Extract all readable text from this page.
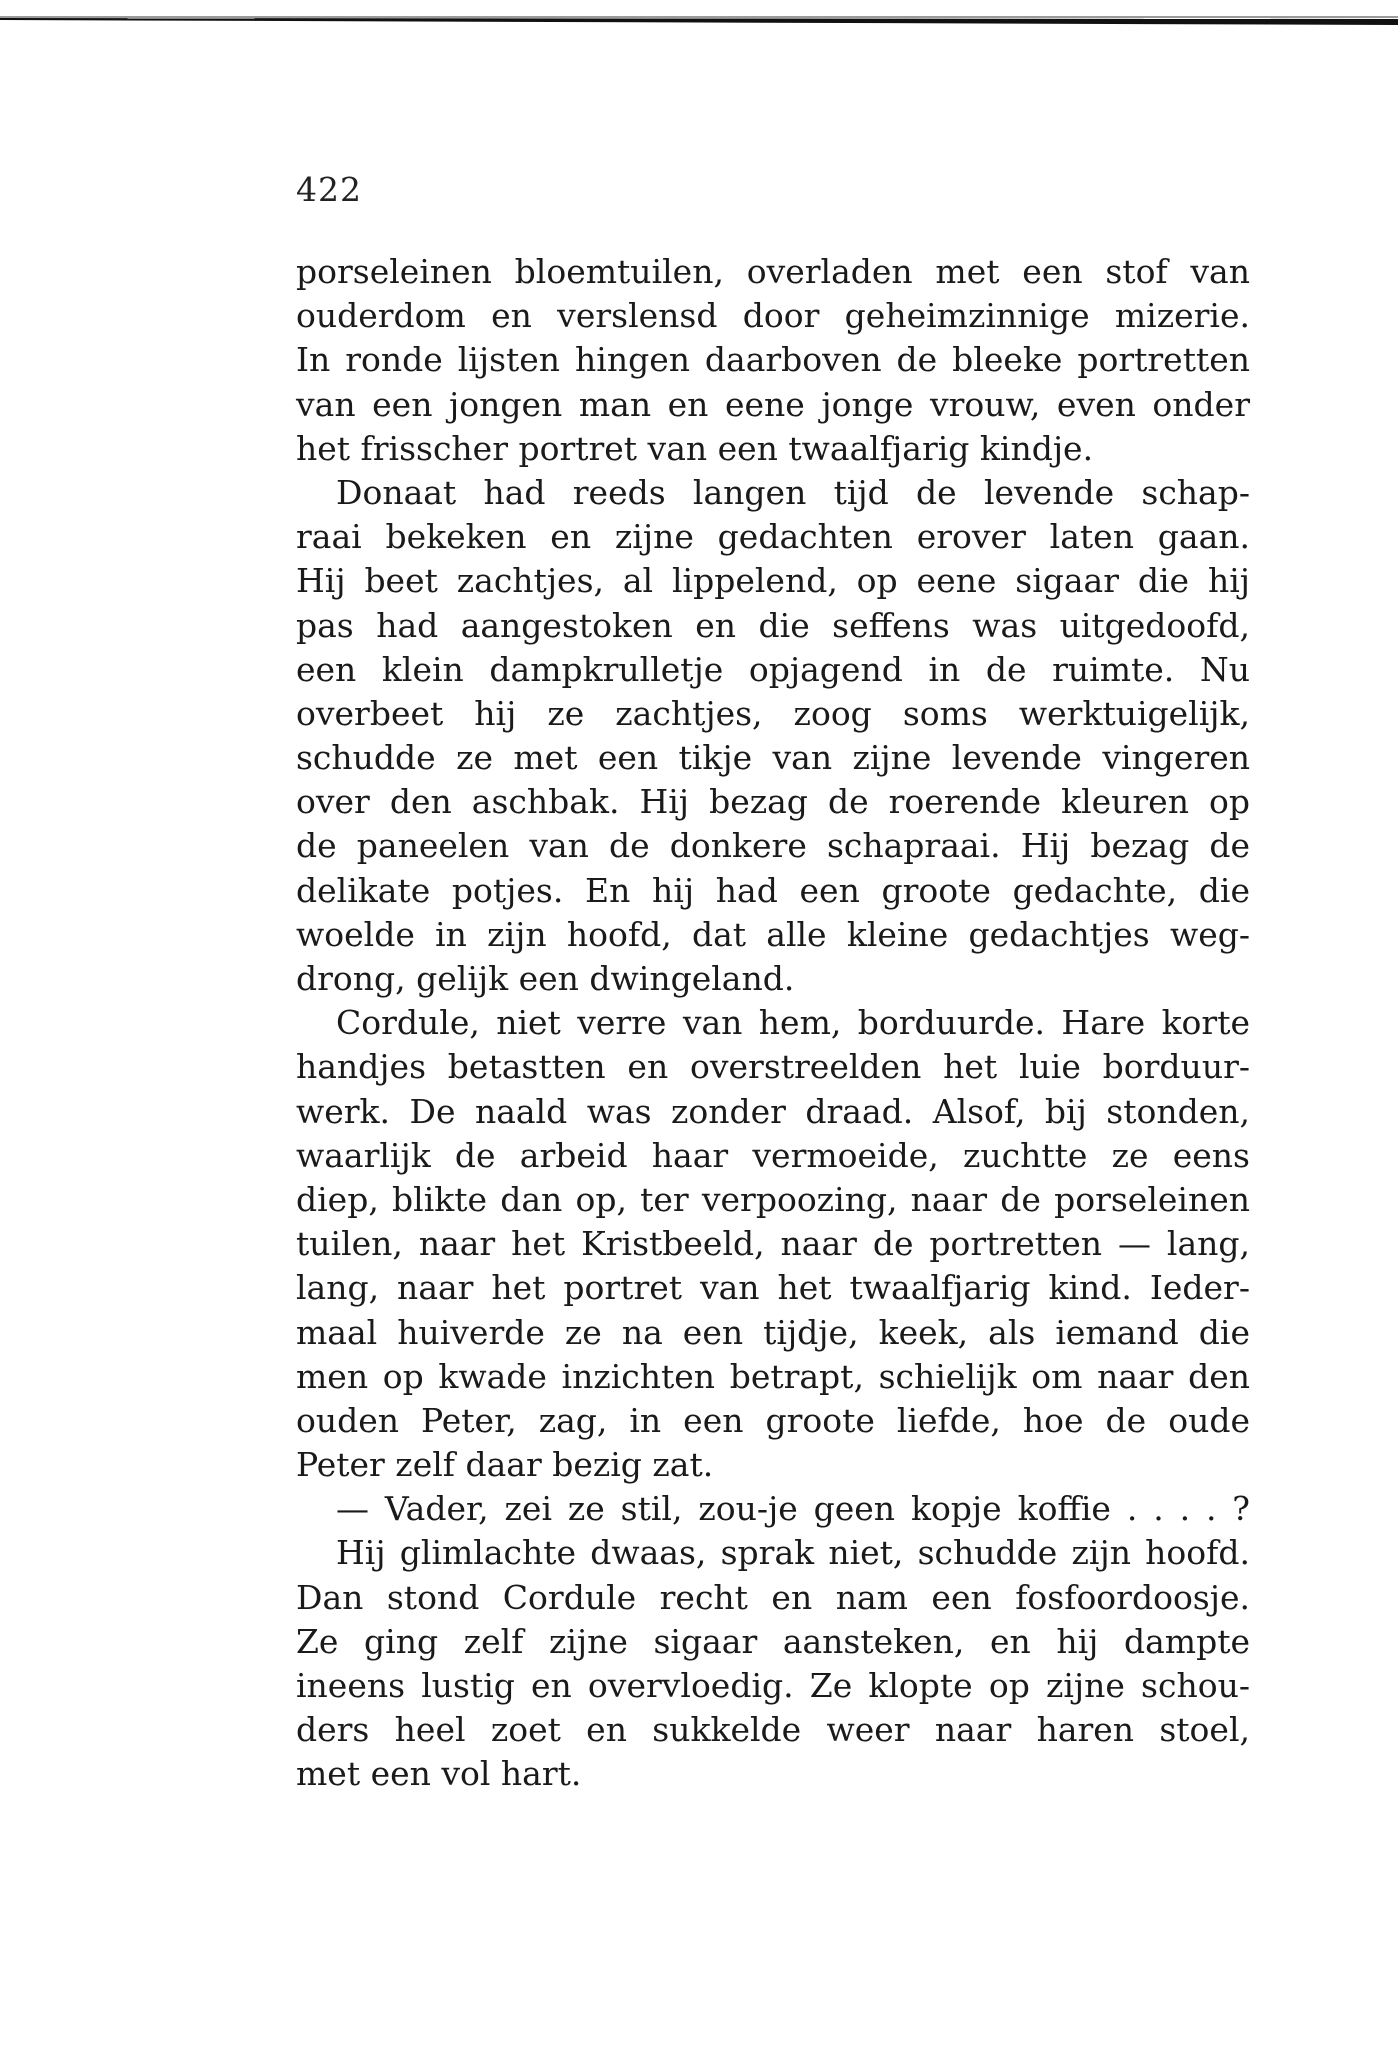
422
porseleinen bloemtuilen, overladen met een stof van
ouderdom en verslensd door geheimzinnige mizerie.
In ronde lijsten hingen daarboven de bleeke portretten
van een jongen man en eene jonge vrouw, even onder
het frisscher portret van een twaalfjarig kindje.
Donaat had reeds langen tijd de levende schap-
raai bekeken en zijne gedachten erover laten gaan.
Hij beet zachtjes, al lippelend, op eene sigaar die hij
pas had aangestoken en die seffens was uitgedoofd,
een klein dampkrulletje opjagend in de ruimte. Nu
overbeet hij ze zachtjes, zoog soms werktuigelijk,
schudde ze met een tikje van zijne levende vingeren
over den aschbak. Hij bezag de roerende kleuren op
de paneelen van de donkere schapraai. Hij bezag de
delikate potjes. En hij had een groote gedachte, die
woelde in zijn hoofd, dat alle kleine gedachtjes weg-
drong, gelijk een dwingeland.
Cordule, niet verre van hem, borduurde. Hare korte
handjes betastten en overstreelden het luie borduur-
werk. De naald was zonder draad. Alsof, bij stonden,
waarlijk de arbeid haar vermoeide, zuchtte ze eens
diep, blikte dan op, ter verpoozing, naar de porseleinen
tuilen, naar het Kristbeeld, naar de portretten — lang,
lang, naar het portret van het twaalfjarig kind. Ieder-
maal huiverde ze na een tijdje, keek, als iemand die
men op kwade inzichten betrapt, schielijk om naar den
ouden Peter, zag, in een groote liefde, hoe de oude
Peter zelf daar bezig zat.
— Vader, zei ze stil, zou-je geen kopje koffie . . . . ?
Hij glimlachte dwaas, sprak niet, schudde zijn hoofd.
Dan stond Cordule recht en nam een fosfoordoosje.
Ze ging zelf zijne sigaar aansteken, en hij dampte
ineens lustig en overvloedig. Ze klopte op zijne schou-
ders heel zoet en sukkelde weer naar haren stoel,
met een vol hart.
